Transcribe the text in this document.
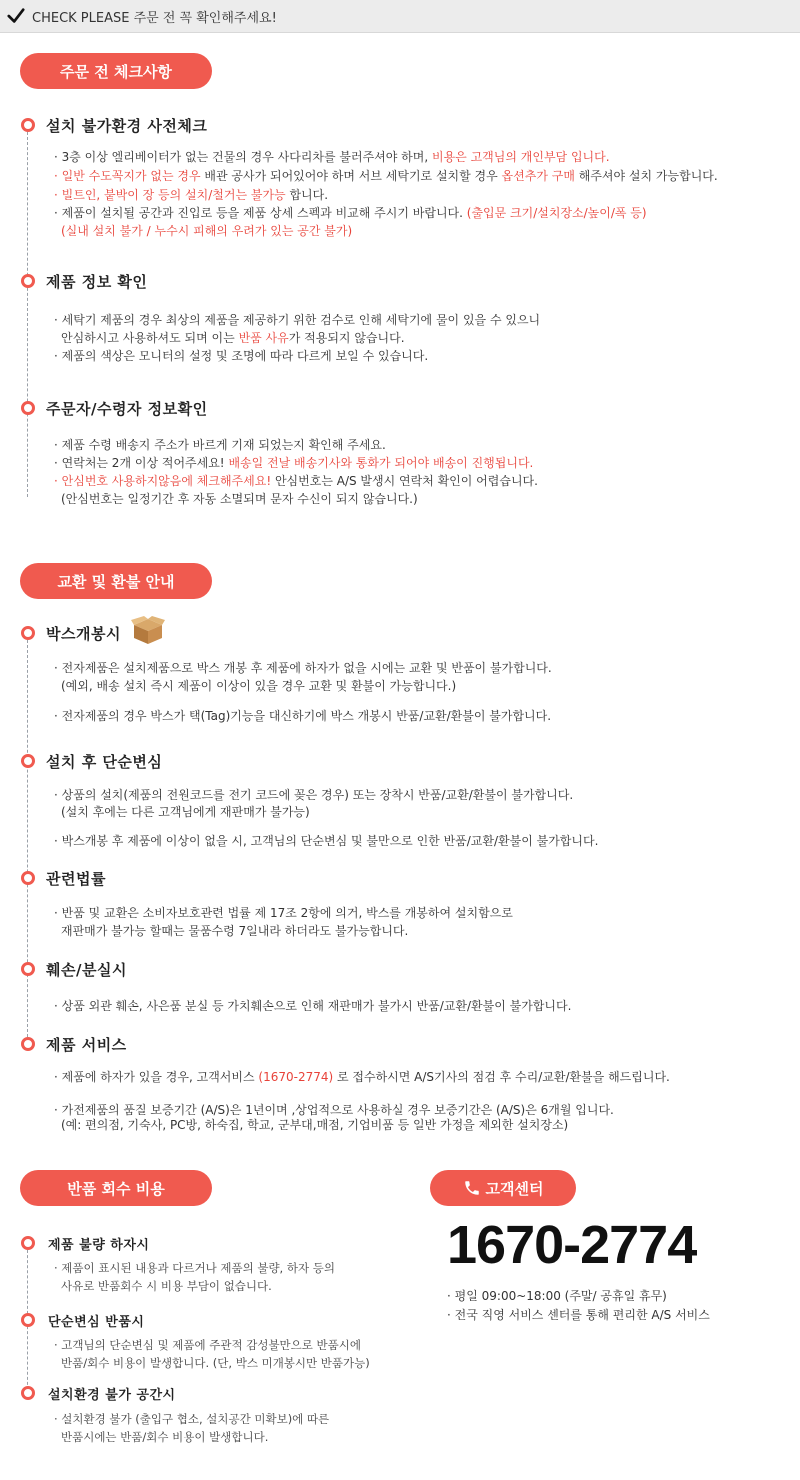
CHECK PLEASE 주문 전 꼭 확인해주세요!
주문 전 체크사항
설치 불가환경 사전체크
· 3층 이상 엘리베이터가 없는 건물의 경우 사다리차를 불러주셔야 하며, 비용은 고객님의 개인부담 입니다.
· 일반 수도꼭지가 없는 경우 배관 공사가 되어있어야 하며 서브 세탁기로 설치할 경우 옵션추가 구매 해주셔야 설치 가능합니다.
· 빌트인, 붙박이 장 등의 설치/철거는 불가능 합니다.
· 제품이 설치될 공간과 진입로 등을 제품 상세 스펙과 비교해 주시기 바랍니다. (출입문 크기/설치장소/높이/폭 등)
(실내 설치 불가 / 누수시 피해의 우려가 있는 공간 불가)
제품 정보 확인
· 세탁기 제품의 경우 최상의 제품을 제공하기 위한 검수로 인해 세탁기에 물이 있을 수 있으니
안심하시고 사용하셔도 되며 이는 반품 사유가 적용되지 않습니다.
· 제품의 색상은 모니터의 설정 및 조명에 따라 다르게 보일 수 있습니다.
주문자/수령자 정보확인
· 제품 수령 배송지 주소가 바르게 기재 되었는지 확인해 주세요.
· 연락처는 2개 이상 적어주세요! 배송일 전날 배송기사와 통화가 되어야 배송이 진행됩니다.
· 안심번호 사용하지않음에 체크해주세요! 안심번호는 A/S 발생시 연락처 확인이 어렵습니다.
(안심번호는 일정기간 후 자동 소멸되며 문자 수신이 되지 않습니다.)
교환 및 환불 안내
박스개봉시
· 전자제품은 설치제품으로 박스 개봉 후 제품에 하자가 없을 시에는 교환 및 반품이 불가합니다.
(예외, 배송 설치 즉시 제품이 이상이 있을 경우 교환 및 환불이 가능합니다.)
· 전자제품의 경우 박스가 택(Tag)기능을 대신하기에 박스 개봉시 반품/교환/환불이 불가합니다.
설치 후 단순변심
· 상품의 설치(제품의 전원코드를 전기 코드에 꽂은 경우) 또는 장착시 반품/교환/환불이 불가합니다.
(설치 후에는 다른 고객님에게 재판매가 불가능)
· 박스개봉 후 제품에 이상이 없을 시, 고객님의 단순변심 및 불만으로 인한 반품/교환/환불이 불가합니다.
관련법률
· 반품 및 교환은 소비자보호관련 법률 제 17조 2항에 의거, 박스를 개봉하여 설치함으로
재판매가 불가능 할때는 물품수령 7일내라 하더라도 불가능합니다.
훼손/분실시
· 상품 외관 훼손, 사은품 분실 등 가치훼손으로 인해 재판매가 불가시 반품/교환/환불이 불가합니다.
제품 서비스
· 제품에 하자가 있을 경우, 고객서비스 (1670-2774) 로 접수하시면 A/S기사의 점검 후 수리/교환/환불을 해드립니다.
· 가전제품의 품질 보증기간 (A/S)은 1년이며 ,상업적으로 사용하실 경우 보증기간은 (A/S)은 6개월 입니다.
(예: 편의점, 기숙사, PC방, 하숙집, 학교, 군부대,매점, 기업비품 등 일반 가정을 제외한 설치장소)
반품 회수 비용
제품 불량 하자시
· 제품이 표시된 내용과 다르거나 제품의 불량, 하자 등의
사유로 반품회수 시 비용 부담이 없습니다.
단순변심 반품시
· 고객님의 단순변심 및 제품에 주관적 감성불만으로 반품시에
반품/회수 비용이 발생합니다. (단, 박스 미개봉시만 반품가능)
설치환경 불가 공간시
· 설치환경 불가 (출입구 협소, 설치공간 미확보)에 따른
반품시에는 반품/회수 비용이 발생합니다.
고객센터
1670-2774
· 평일 09:00~18:00 (주말/ 공휴일 휴무)
· 전국 직영 서비스 센터를 통해 편리한 A/S 서비스
